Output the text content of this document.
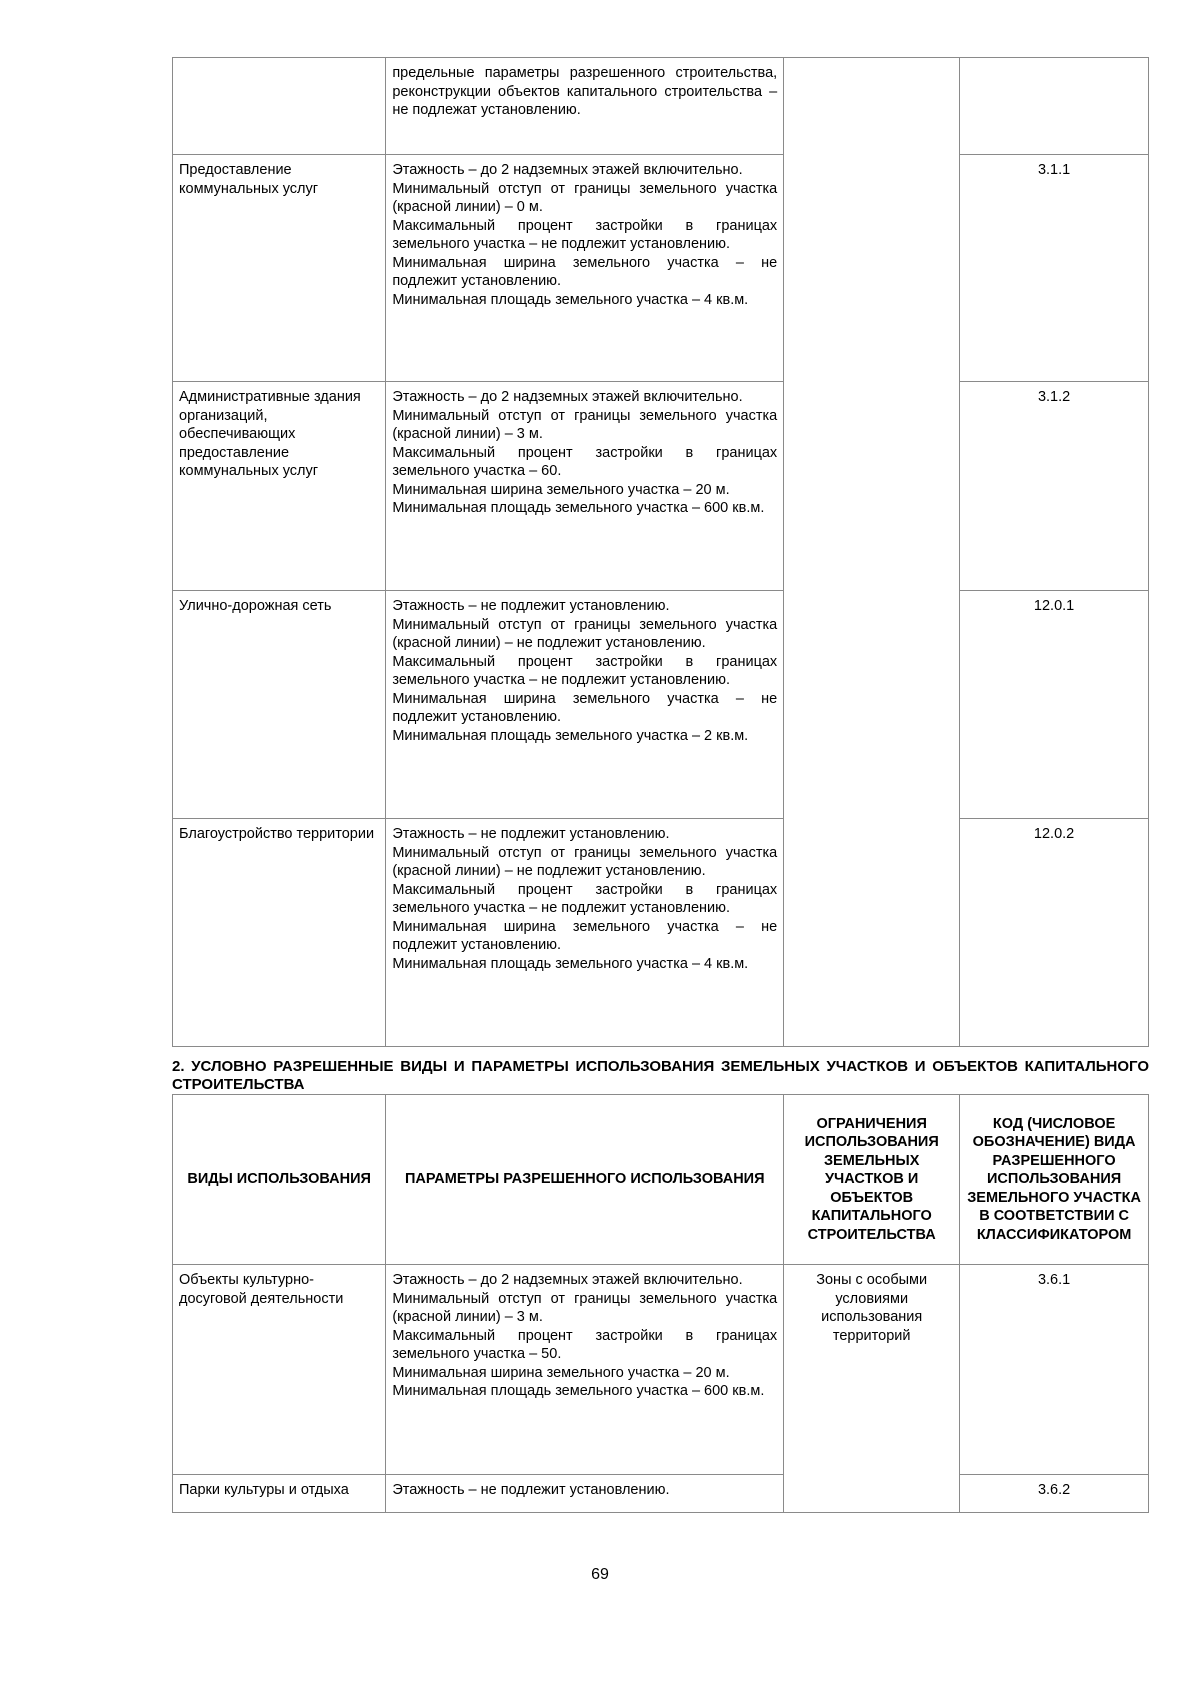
	предельные параметры разрешенного строительства, реконструкции объектов капитального строительства – не подлежат установлению.		

Предоставление коммунальных услуг	Этажность – до 2 надземных этажей включительно.
Минимальный отступ от границы земельного участка (красной линии) – 0 м.
Максимальный процент застройки в границах земельного участка – не подлежит установлению.
Минимальная ширина земельного участка – не подлежит установлению.
Минимальная площадь земельного участка – 4 кв.м.		3.1.1
Административные здания организаций, обеспечивающих предоставление коммунальных услуг	Этажность – до 2 надземных этажей включительно.
Минимальный отступ от границы земельного участка (красной линии) – 3 м.
Максимальный процент застройки в границах земельного участка – 60.
Минимальная ширина земельного участка – 20 м.
Минимальная площадь земельного участка – 600 кв.м.		3.1.2
Улично-дорожная сеть	Этажность – не подлежит установлению.
Минимальный отступ от границы земельного участка (красной линии) – не подлежит установлению.
Максимальный процент застройки в границах земельного участка – не подлежит установлению.
Минимальная ширина земельного участка – не подлежит установлению.
Минимальная площадь земельного участка – 2 кв.м.		12.0.1
Благоустройство территории	Этажность – не подлежит установлению.
Минимальный отступ от границы земельного участка (красной линии) – не подлежит установлению.
Максимальный процент застройки в границах земельного участка – не подлежит установлению.
Минимальная ширина земельного участка – не подлежит установлению.
Минимальная площадь земельного участка – 4 кв.м.		12.0.2
2. УСЛОВНО РАЗРЕШЕННЫЕ ВИДЫ И ПАРАМЕТРЫ ИСПОЛЬЗОВАНИЯ ЗЕМЕЛЬНЫХ УЧАСТКОВ И ОБЪЕКТОВ КАПИТАЛЬНОГО СТРОИТЕЛЬСТВА
ВИДЫ ИСПОЛЬЗОВАНИЯ	ПАРАМЕТРЫ РАЗРЕШЕННОГО ИСПОЛЬЗОВАНИЯ	ОГРАНИЧЕНИЯ ИСПОЛЬЗОВАНИЯ ЗЕМЕЛЬНЫХ УЧАСТКОВ И ОБЪЕКТОВ КАПИТАЛЬНОГО СТРОИТЕЛЬСТВА	КОД (ЧИСЛОВОЕ ОБОЗНАЧЕНИЕ) ВИДА РАЗРЕШЕННОГО ИСПОЛЬЗОВАНИЯ ЗЕМЕЛЬНОГО УЧАСТКА В СООТВЕТСТВИИ С КЛАССИФИКАТОРОМ
Объекты культурно-досуговой деятельности	Этажность – до 2 надземных этажей включительно.
Минимальный отступ от границы земельного участка (красной линии) – 3 м.
Максимальный процент застройки в границах земельного участка – 50.
Минимальная ширина земельного участка – 20 м.
Минимальная площадь земельного участка – 600 кв.м.	Зоны с особыми условиями использования территорий	3.6.1
Парки культуры и отдыха	Этажность – не подлежит установлению.		3.6.2
69
